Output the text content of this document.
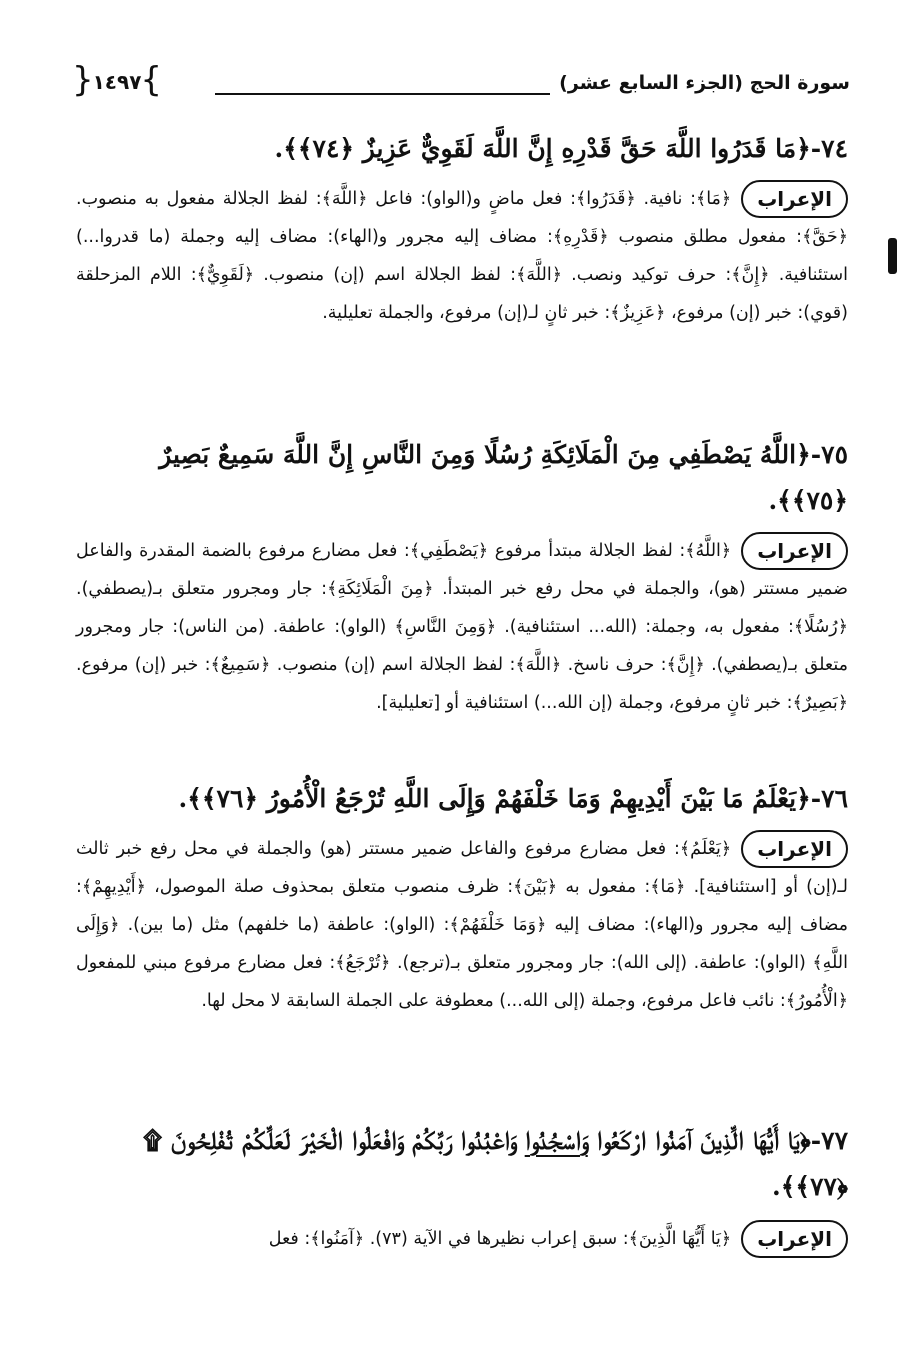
سورة الحج (الجزء السابع عشر)
{
١٤٩٧
}

٧٤-﴿مَا قَدَرُوا اللَّهَ حَقَّ قَدْرِهِ إِنَّ اللَّهَ لَقَوِيٌّ عَزِيزٌ ﴿٧٤﴾﴾.

الإعراب﴿مَا﴾: نافية. ﴿قَدَرُوا﴾: فعل ماضٍ و(الواو): فاعل ﴿اللَّهَ﴾: لفظ الجلالة مفعول به منصوب. ﴿حَقَّ﴾: مفعول مطلق منصوب ﴿قَدْرِهِ﴾: مضاف إليه مجرور و(الهاء): مضاف إليه وجملة (ما قدروا...) استئنافية. ﴿إِنَّ﴾: حرف توكيد ونصب. ﴿اللَّهَ﴾: لفظ الجلالة اسم (إن) منصوب. ﴿لَقَوِيٌّ﴾: اللام المزحلقة (قوي): خبر (إن) مرفوع، ﴿عَزِيزٌ﴾: خبر ثانٍ لـ(إن) مرفوع، والجملة تعليلية.

٧٥-﴿اللَّهُ يَصْطَفِي مِنَ الْمَلَائِكَةِ رُسُلًا وَمِنَ النَّاسِ إِنَّ اللَّهَ سَمِيعٌ بَصِيرٌ ﴿٧٥﴾﴾.

الإعراب﴿اللَّهُ﴾: لفظ الجلالة مبتدأ مرفوع ﴿يَصْطَفِي﴾: فعل مضارع مرفوع بالضمة المقدرة والفاعل ضمير مستتر (هو)، والجملة في محل رفع خبر المبتدأ. ﴿مِنَ الْمَلَائِكَةِ﴾: جار ومجرور متعلق بـ(يصطفي). ﴿رُسُلًا﴾: مفعول به، وجملة: (الله... استئنافية). ﴿وَمِنَ النَّاسِ﴾ (الواو): عاطفة. (من الناس): جار ومجرور متعلق بـ(يصطفي). ﴿إِنَّ﴾: حرف ناسخ. ﴿اللَّهَ﴾: لفظ الجلالة اسم (إن) منصوب. ﴿سَمِيعٌ﴾: خبر (إن) مرفوع. ﴿بَصِيرٌ﴾: خبر ثانٍ مرفوع، وجملة (إن الله...) استئنافية أو [تعليلية].

٧٦-﴿يَعْلَمُ مَا بَيْنَ أَيْدِيهِمْ وَمَا خَلْفَهُمْ وَإِلَى اللَّهِ تُرْجَعُ الْأُمُورُ ﴿٧٦﴾﴾.

الإعراب﴿يَعْلَمُ﴾: فعل مضارع مرفوع والفاعل ضمير مستتر (هو) والجملة في محل رفع خبر ثالث لـ(إن) أو [استئنافية]. ﴿مَا﴾: مفعول به ﴿بَيْنَ﴾: ظرف منصوب متعلق بمحذوف صلة الموصول، ﴿أَيْدِيهِمْ﴾: مضاف إليه مجرور و(الهاء): مضاف إليه ﴿وَمَا خَلْفَهُمْ﴾: (الواو): عاطفة (ما خلفهم) مثل (ما بين). ﴿وَإِلَى اللَّهِ﴾ (الواو): عاطفة. (إلى الله): جار ومجرور متعلق بـ(ترجع). ﴿تُرْجَعُ﴾: فعل مضارع مرفوع مبني للمفعول ﴿الْأُمُورُ﴾: نائب فاعل مرفوع، وجملة (إلى الله...) معطوفة على الجملة السابقة لا محل لها.

٧٧-﴿يَا أَيُّهَا الَّذِينَ آمَنُوا ارْكَعُوا وَاسْجُدُوا وَاعْبُدُوا رَبَّكُمْ وَافْعَلُوا الْخَيْرَ لَعَلَّكُمْ تُفْلِحُونَ ۩ ﴿٧٧﴾﴾.

الإعراب﴿يَا أَيُّهَا الَّذِينَ﴾: سبق إعراب نظيرها في الآية (٧٣). ﴿آمَنُوا﴾: فعل
